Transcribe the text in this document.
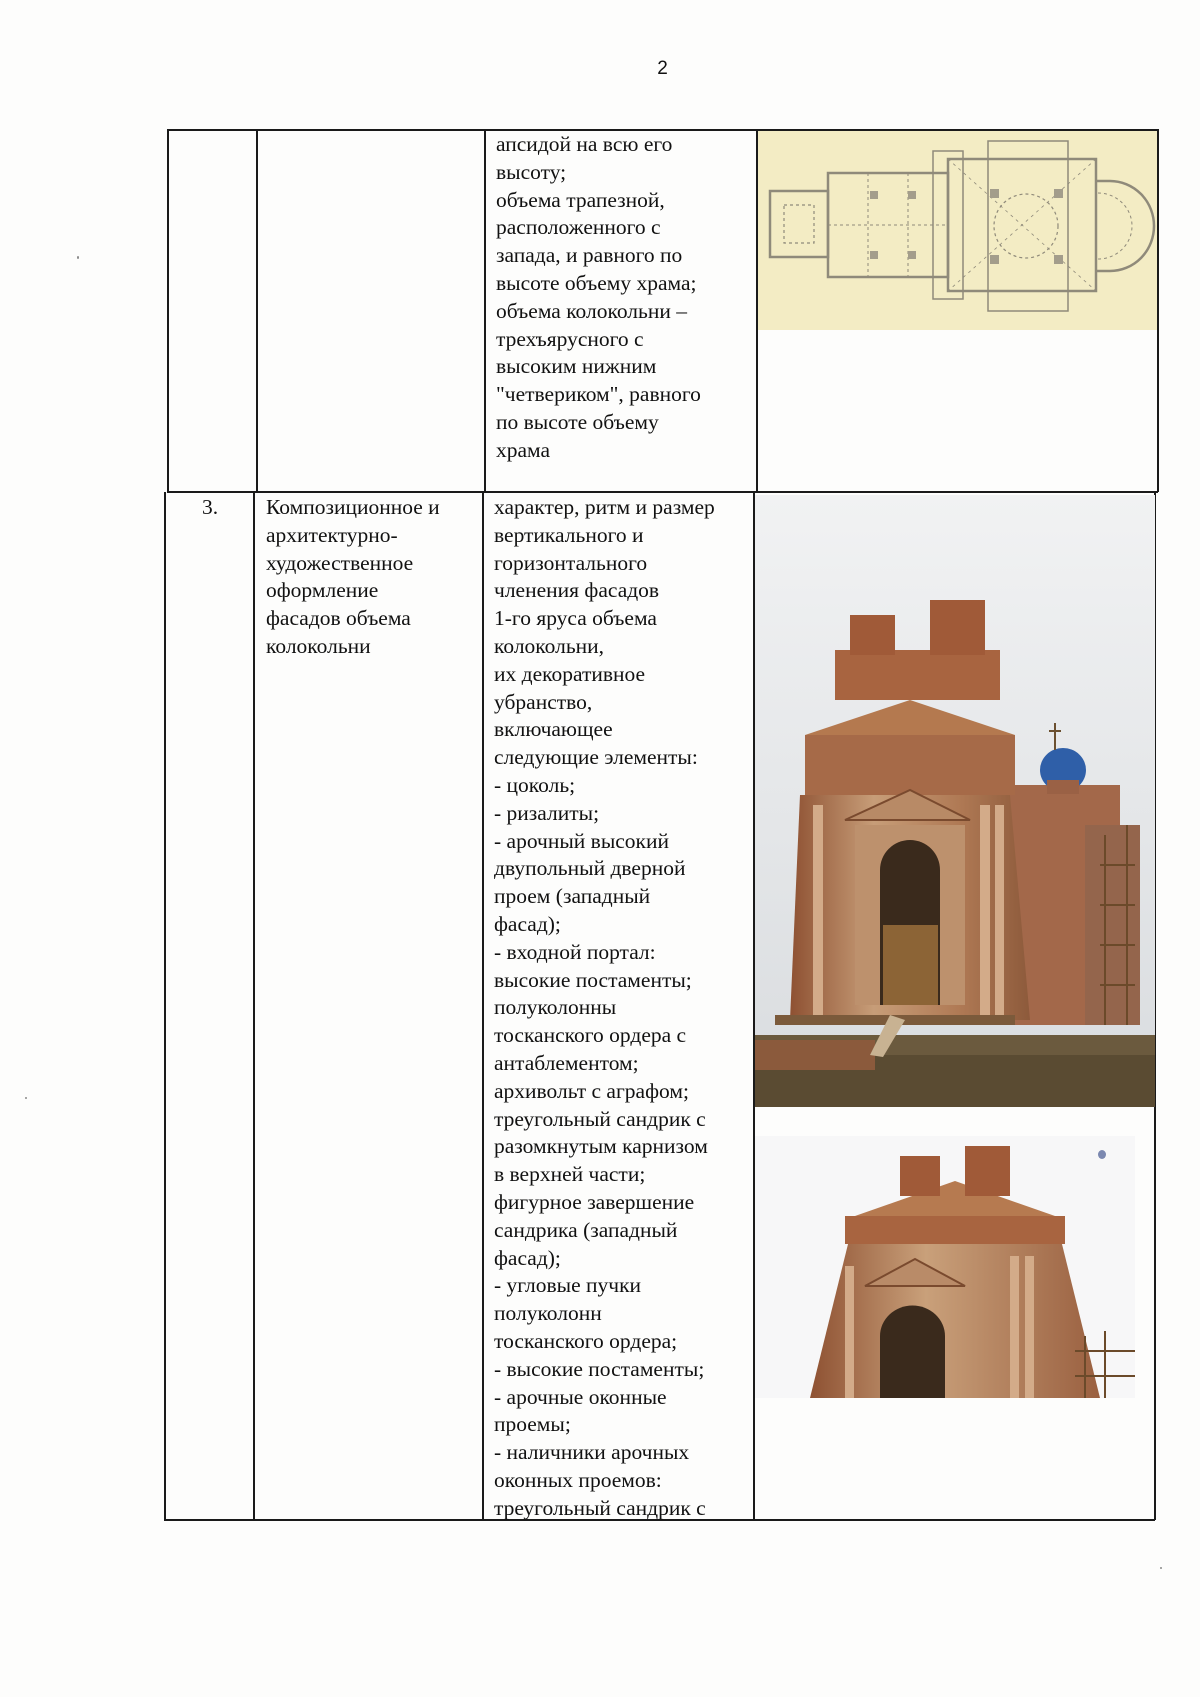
2
апсидой на всю его
высоту;
объема трапезной,
расположенного с
запада, и равного по
высоте объему храма;
объема колокольни –
трехъярусного с
высоким нижним
"четвериком", равного
по высоте объему
храма
3.	Композиционное и
архитектурно-
художественное
оформление
фасадов объема
колокольни
характер, ритм и размер
вертикального и
горизонтального
членения фасадов
1-го яруса объема
колокольни,
их декоративное
убранство,
включающее
следующие элементы:
- цоколь;
- ризалиты;
- арочный высокий
двупольный дверной
проем (западный
фасад);
- входной портал:
высокие постаменты;
полуколонны
тосканского ордера с
антаблементом;
архивольт с аграфом;
треугольный сандрик с
разомкнутым карнизом
в верхней части;
фигурное завершение
сандрика (западный
фасад);
- угловые пучки
полуколонн
тосканского ордера;
- высокие постаменты;
- арочные оконные
проемы;
- наличники арочных
оконных проемов:
треугольный сандрик с
